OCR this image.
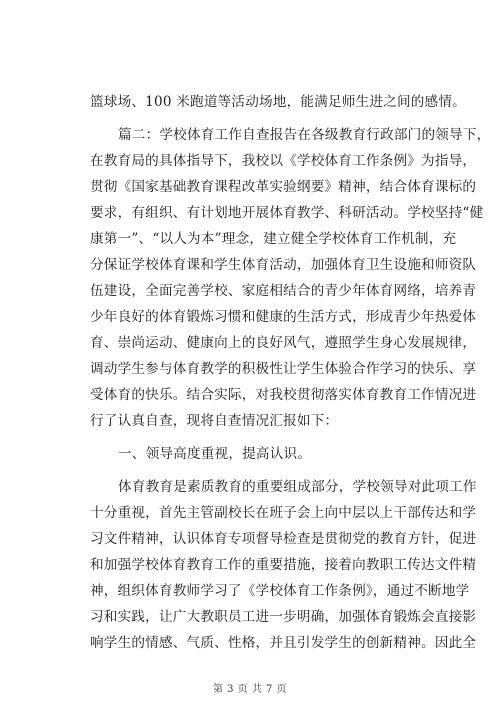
篮球场、100 米跑道等活动场地，能满足师生进之间的感情。
篇二：学校体育工作自查报告在各级教育行政部门的领导下，
在教育局的具体指导下，我校以《学校体育工作条例》为指导，
贯彻《国家基础教育课程改革实验纲要》精神，结合体育课标的
要求，有组织、有计划地开展体育教学、科研活动。学校坚持“健
康第一”、“以人为本”理念，建立健全学校体育工作机制，充
分保证学校体育课和学生体育活动，加强体育卫生设施和师资队
伍建设，全面完善学校、家庭相结合的青少年体育网络，培养青
少年良好的体育锻炼习惯和健康的生活方式，形成青少年热爱体
育、崇尚运动、健康向上的良好风气，遵照学生身心发展规律，
调动学生参与体育教学的积极性让学生体验合作学习的快乐、享
受体育的快乐。结合实际，对我校贯彻落实体育教育工作情况进
行了认真自查，现将自查情况汇报如下：
一、领导高度重视，提高认识。
体育教育是素质教育的重要组成部分，学校领导对此项工作
十分重视，首先主管副校长在班子会上向中层以上干部传达和学
习文件精神，认识体育专项督导检查是贯彻党的教育方针，促进
和加强学校体育教育工作的重要措施，接着向教职工传达文件精
神，组织体育教师学习了《学校体育工作条例》，通过不断地学
习和实践，让广大教职员工进一步明确，加强体育锻炼会直接影
响学生的情感、气质、性格，并且引发学生的创新精神。因此全
第 3 页 共 7 页
